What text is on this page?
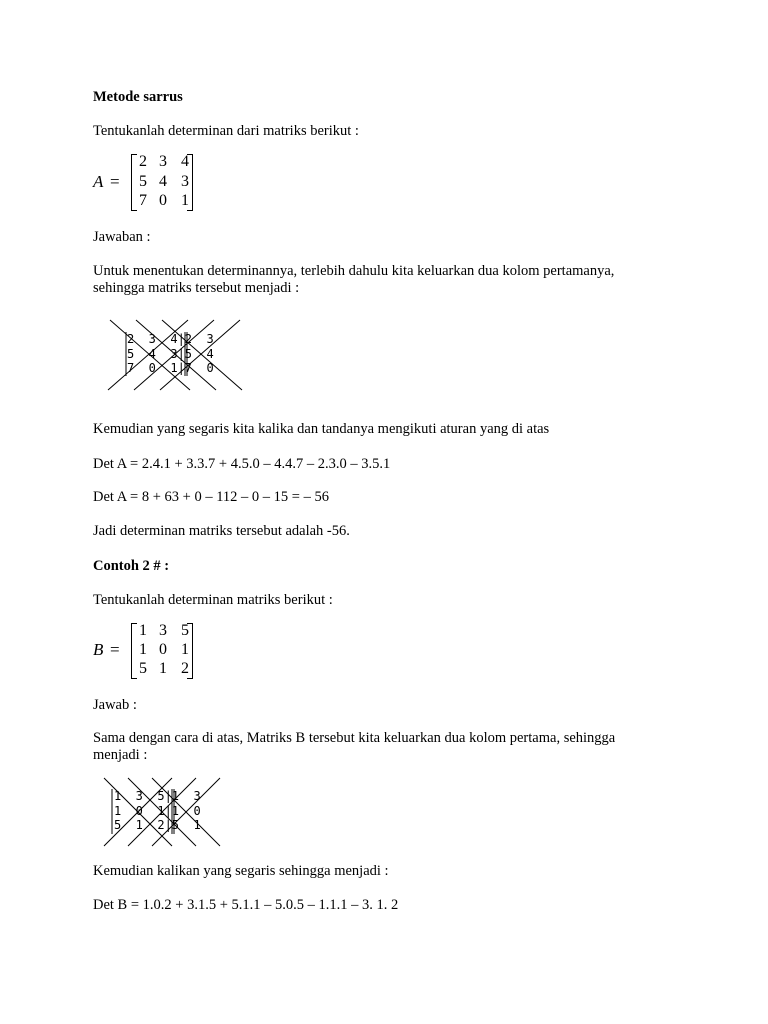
Metode sarrus

Tentukanlah determinan dari matriks berikut :

A =
2 3 4
5 4 3
7 0 1

Jawaban :

Untuk menentukan determinannya, terlebih dahulu kita keluarkan dua kolom pertamanya,

sehingga matriks tersebut menjadi :

2  3  4|2  3
5  4  3|5  4
7  0  1|7  0

Kemudian yang segaris kita kalika dan tandanya mengikuti aturan yang di atas

Det A = 2.4.1 + 3.3.7 + 4.5.0 – 4.4.7 – 2.3.0 – 3.5.1

Det A = 8 + 63 + 0 – 112 – 0 – 15 = – 56

Jadi determinan matriks tersebut adalah -56.

Contoh 2 # :

Tentukanlah determinan matriks berikut :

B =
1 3 5
1 0 1
5 1 2

Jawab :

Sama dengan cara di atas, Matriks B tersebut kita keluarkan dua kolom pertama, sehingga

menjadi :

1  3  5|1  3
1  0  1|1  0
5  1  2|5  1

Kemudian kalikan yang segaris sehingga menjadi :

Det B = 1.0.2 + 3.1.5 + 5.1.1 – 5.0.5 – 1.1.1 – 3. 1. 2
